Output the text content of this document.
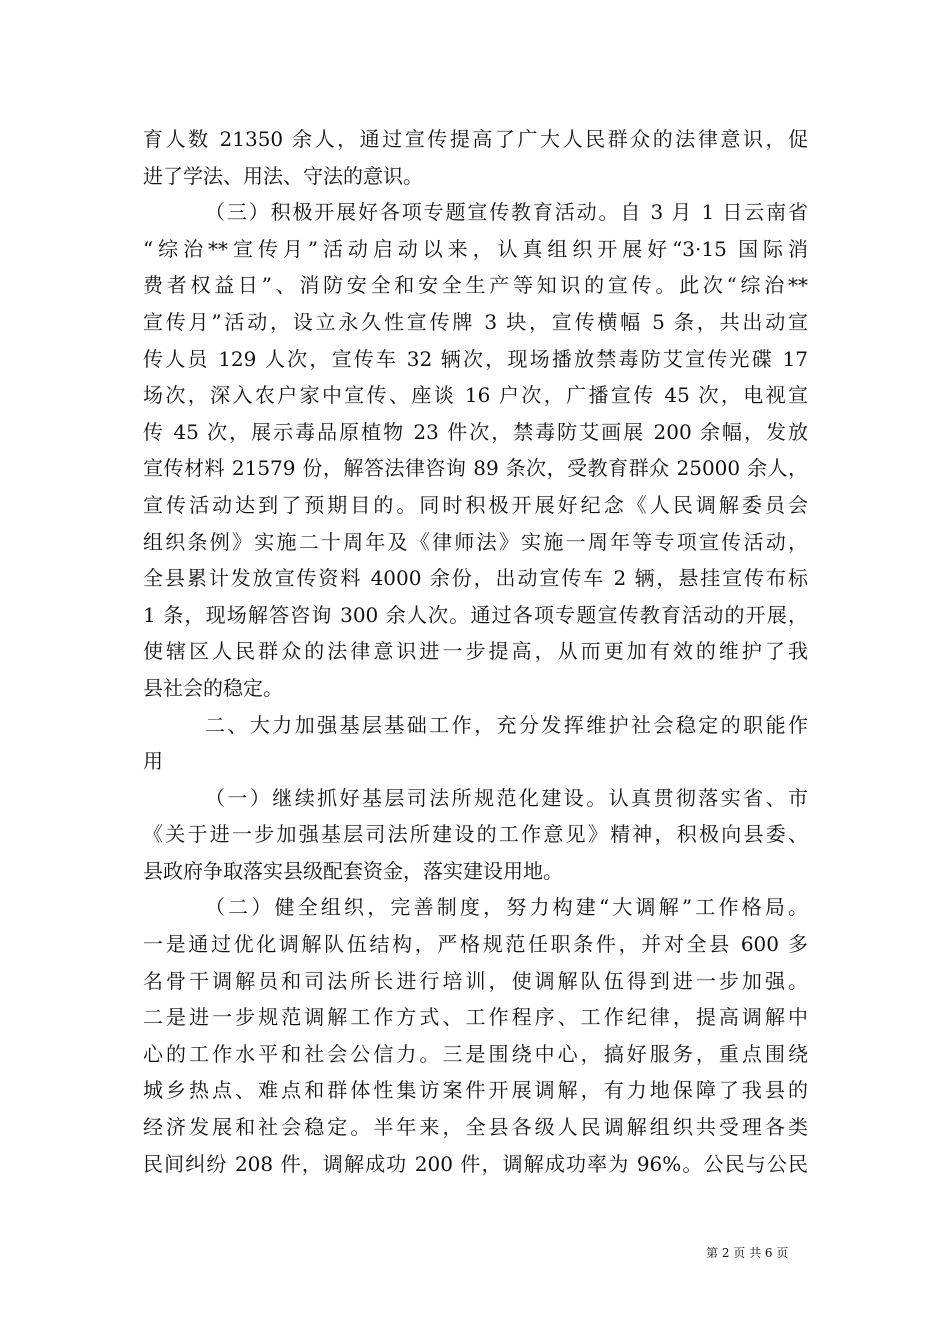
育人数 21350 余人，通过宣传提高了广大人民群众的法律意识，促
进了学法、用法、守法的意识。
（三）积极开展好各项专题宣传教育活动。自 3 月 1 日云南省
“综治**宣传月”活动启动以来，认真组织开展好“3·15 国际消
费者权益日”、消防安全和安全生产等知识的宣传。此次“综治**
宣传月”活动，设立永久性宣传牌 3 块，宣传横幅 5 条，共出动宣
传人员 129 人次，宣传车 32 辆次，现场播放禁毒防艾宣传光碟 17
场次，深入农户家中宣传、座谈 16 户次，广播宣传 45 次，电视宣
传 45 次，展示毒品原植物 23 件次，禁毒防艾画展 200 余幅，发放
宣传材料 21579 份，解答法律咨询 89 条次，受教育群众 25000 余人，
宣传活动达到了预期目的。同时积极开展好纪念《人民调解委员会
组织条例》实施二十周年及《律师法》实施一周年等专项宣传活动，
全县累计发放宣传资料 4000 余份，出动宣传车 2 辆，悬挂宣传布标
1 条，现场解答咨询 300 余人次。通过各项专题宣传教育活动的开展，
使辖区人民群众的法律意识进一步提高，从而更加有效的维护了我
县社会的稳定。
二、大力加强基层基础工作，充分发挥维护社会稳定的职能作
用
（一）继续抓好基层司法所规范化建设。认真贯彻落实省、市
《关于进一步加强基层司法所建设的工作意见》精神，积极向县委、
县政府争取落实县级配套资金，落实建设用地。
（二）健全组织，完善制度，努力构建“大调解”工作格局。
一是通过优化调解队伍结构，严格规范任职条件，并对全县 600 多
名骨干调解员和司法所长进行培训，使调解队伍得到进一步加强。
二是进一步规范调解工作方式、工作程序、工作纪律，提高调解中
心的工作水平和社会公信力。三是围绕中心，搞好服务，重点围绕
城乡热点、难点和群体性集访案件开展调解，有力地保障了我县的
经济发展和社会稳定。半年来，全县各级人民调解组织共受理各类
民间纠纷 208 件，调解成功 200 件，调解成功率为 96%。公民与公民
第 2 页 共 6 页
